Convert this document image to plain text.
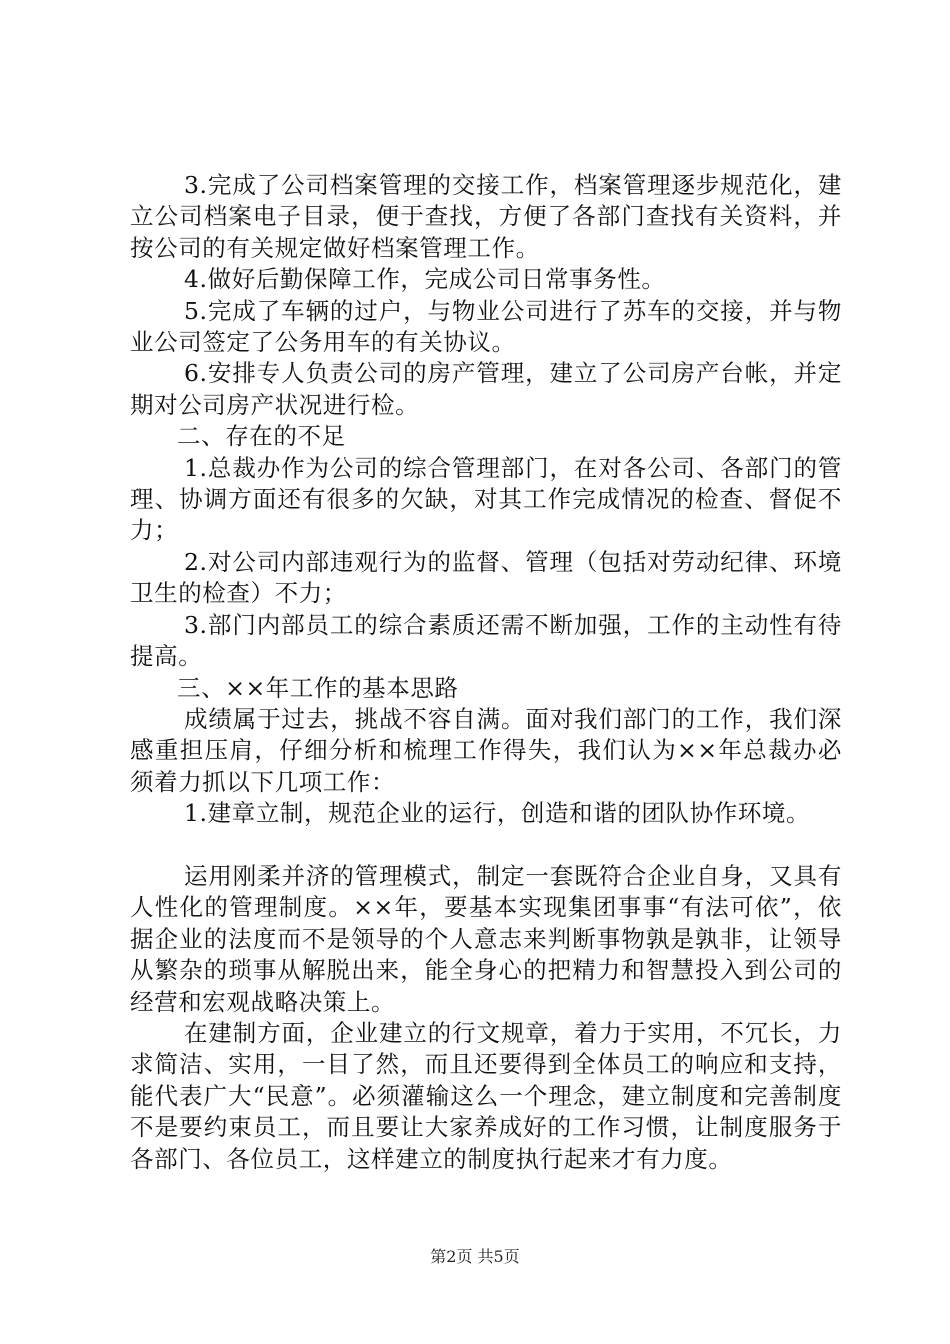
3.完成了公司档案管理的交接工作，档案管理逐步规范化，建立公司档案电子目录，便于查找，方便了各部门查找有关资料，并按公司的有关规定做好档案管理工作。

4.做好后勤保障工作，完成公司日常事务性。

5.完成了车辆的过户，与物业公司进行了苏车的交接，并与物业公司签定了公务用车的有关协议。

6.安排专人负责公司的房产管理，建立了公司房产台帐，并定期对公司房产状况进行检。

二、存在的不足

1.总裁办作为公司的综合管理部门，在对各公司、各部门的管理、协调方面还有很多的欠缺，对其工作完成情况的检查、督促不力；

2.对公司内部违观行为的监督、管理（包括对劳动纪律、环境卫生的检查）不力；

3.部门内部员工的综合素质还需不断加强，工作的主动性有待提高。

三、××年工作的基本思路

成绩属于过去，挑战不容自满。面对我们部门的工作，我们深感重担压肩，仔细分析和梳理工作得失，我们认为××年总裁办必须着力抓以下几项工作：

1.建章立制，规范企业的运行，创造和谐的团队协作环境。

运用刚柔并济的管理模式，制定一套既符合企业自身，又具有人性化的管理制度。××年，要基本实现集团事事“有法可依”，依据企业的法度而不是领导的个人意志来判断事物孰是孰非，让领导从繁杂的琐事从解脱出来，能全身心的把精力和智慧投入到公司的经营和宏观战略决策上。

在建制方面，企业建立的行文规章，着力于实用，不冗长，力求简洁、实用，一目了然，而且还要得到全体员工的响应和支持，能代表广大“民意”。必须灌输这么一个理念，建立制度和完善制度不是要约束员工，而且要让大家养成好的工作习惯，让制度服务于各部门、各位员工，这样建立的制度执行起来才有力度。

第2页 共5页
